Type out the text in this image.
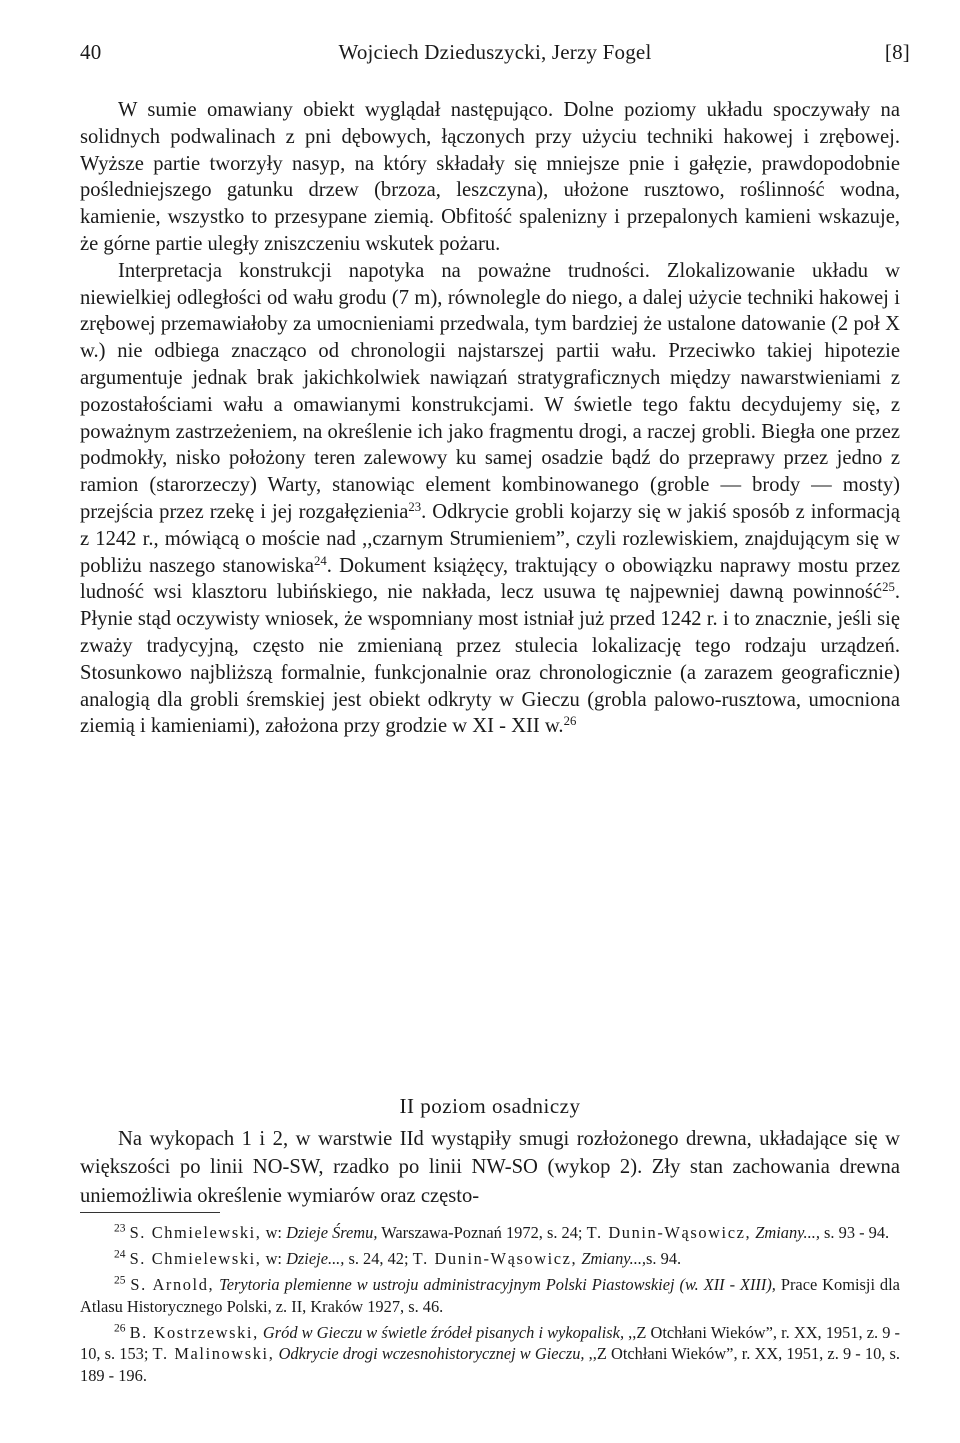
40	Wojciech Dzieduszycki, Jerzy Fogel	[8]

W sumie omawiany obiekt wyglądał następująco. Dolne poziomy układu spoczywały na solidnych podwalinach z pni dębowych, łączonych przy użyciu techniki hakowej i zrębowej. Wyższe partie tworzyły nasyp, na który składały się mniejsze pnie i gałęzie, prawdopodobnie pośledniejszego gatunku drzew (brzoza, leszczyna), ułożone rusztowo, roślinność wodna, kamienie, wszystko to przesypane ziemią. Obfitość spalenizny i przepalonych kamieni wskazuje, że górne partie uległy zniszczeniu wskutek pożaru.

Interpretacja konstrukcji napotyka na poważne trudności. Zlokalizowanie układu w niewielkiej odległości od wału grodu (7 m), równolegle do niego, a dalej użycie techniki hakowej i zrębowej przemawiałoby za umocnieniami przedwala, tym bardziej że ustalone datowanie (2 poł X w.) nie odbiega znacząco od chronologii najstarszej partii wału. Przeciwko takiej hipotezie argumentuje jednak brak jakichkolwiek nawiązań stratygraficznych między nawarstwieniami z pozostałościami wału a omawianymi konstrukcjami. W świetle tego faktu decydujemy się, z poważnym zastrzeżeniem, na określenie ich jako fragmentu drogi, a raczej grobli. Biegła one przez podmokły, nisko położony teren zalewowy ku samej osadzie bądź do przeprawy przez jedno z ramion (starorzeczy) Warty, stanowiąc element kombinowanego (groble — brody — mosty) przejścia przez rzekę i jej rozgałęzienia$^{23}$. Odkrycie grobli kojarzy się w jakiś sposób z informacją z 1242 r., mówiącą o moście nad ,,czarnym Strumieniem”, czyli rozlewiskiem, znajdującym się w pobliżu naszego stanowiska$^{24}$. Dokument książęcy, traktujący o obowiązku naprawy mostu przez ludność wsi klasztoru lubińskiego, nie nakłada, lecz usuwa tę najpewniej dawną powinność$^{25}$. Płynie stąd oczywisty wniosek, że wspomniany most istniał już przed 1242 r. i to znacznie, jeśli się zważy tradycyjną, często nie zmienianą przez stulecia lokalizację tego rodzaju urządzeń. Stosunkowo najbliższą formalnie, funkcjonalnie oraz chronologicznie (a zarazem geograficznie) analogią dla grobli śremskiej jest obiekt odkryty w Gieczu (grobla palowo-rusztowa, umocniona ziemią i kamieniami), założona przy grodzie w XI - XII w.$^{26}$

II poziom osadniczy

Na wykopach 1 i 2, w warstwie IId wystąpiły smugi rozłożonego drewna, układające się w większości po linii NO-SW, rzadko po linii NW-SO (wykop 2). Zły stan zachowania drewna uniemożliwia określenie wymiarów oraz często-

$^{23}$ S. Chmielewski, w: Dzieje Śremu, Warszawa-Poznań 1972, s. 24; T. Dunin-Wąsowicz, Zmiany..., s. 93 - 94.

$^{24}$ S. Chmielewski, w: Dzieje..., s. 24, 42; T. Dunin-Wąsowicz, Zmiany...,s. 94.

$^{25}$ S. Arnold, Terytoria plemienne w ustroju administracyjnym Polski Piastowskiej (w. XII - XIII), Prace Komisji dla Atlasu Historycznego Polski, z. II, Kraków 1927, s. 46.

$^{26}$ B. Kostrzewski, Gród w Gieczu w świetle źródeł pisanych i wykopalisk, ,,Z Otchłani Wieków”, r. XX, 1951, z. 9 - 10, s. 153; T. Malinowski, Odkrycie drogi wczesnohistorycznej w Gieczu, ,,Z Otchłani Wieków”, r. XX, 1951, z. 9 - 10, s. 189 - 196.
